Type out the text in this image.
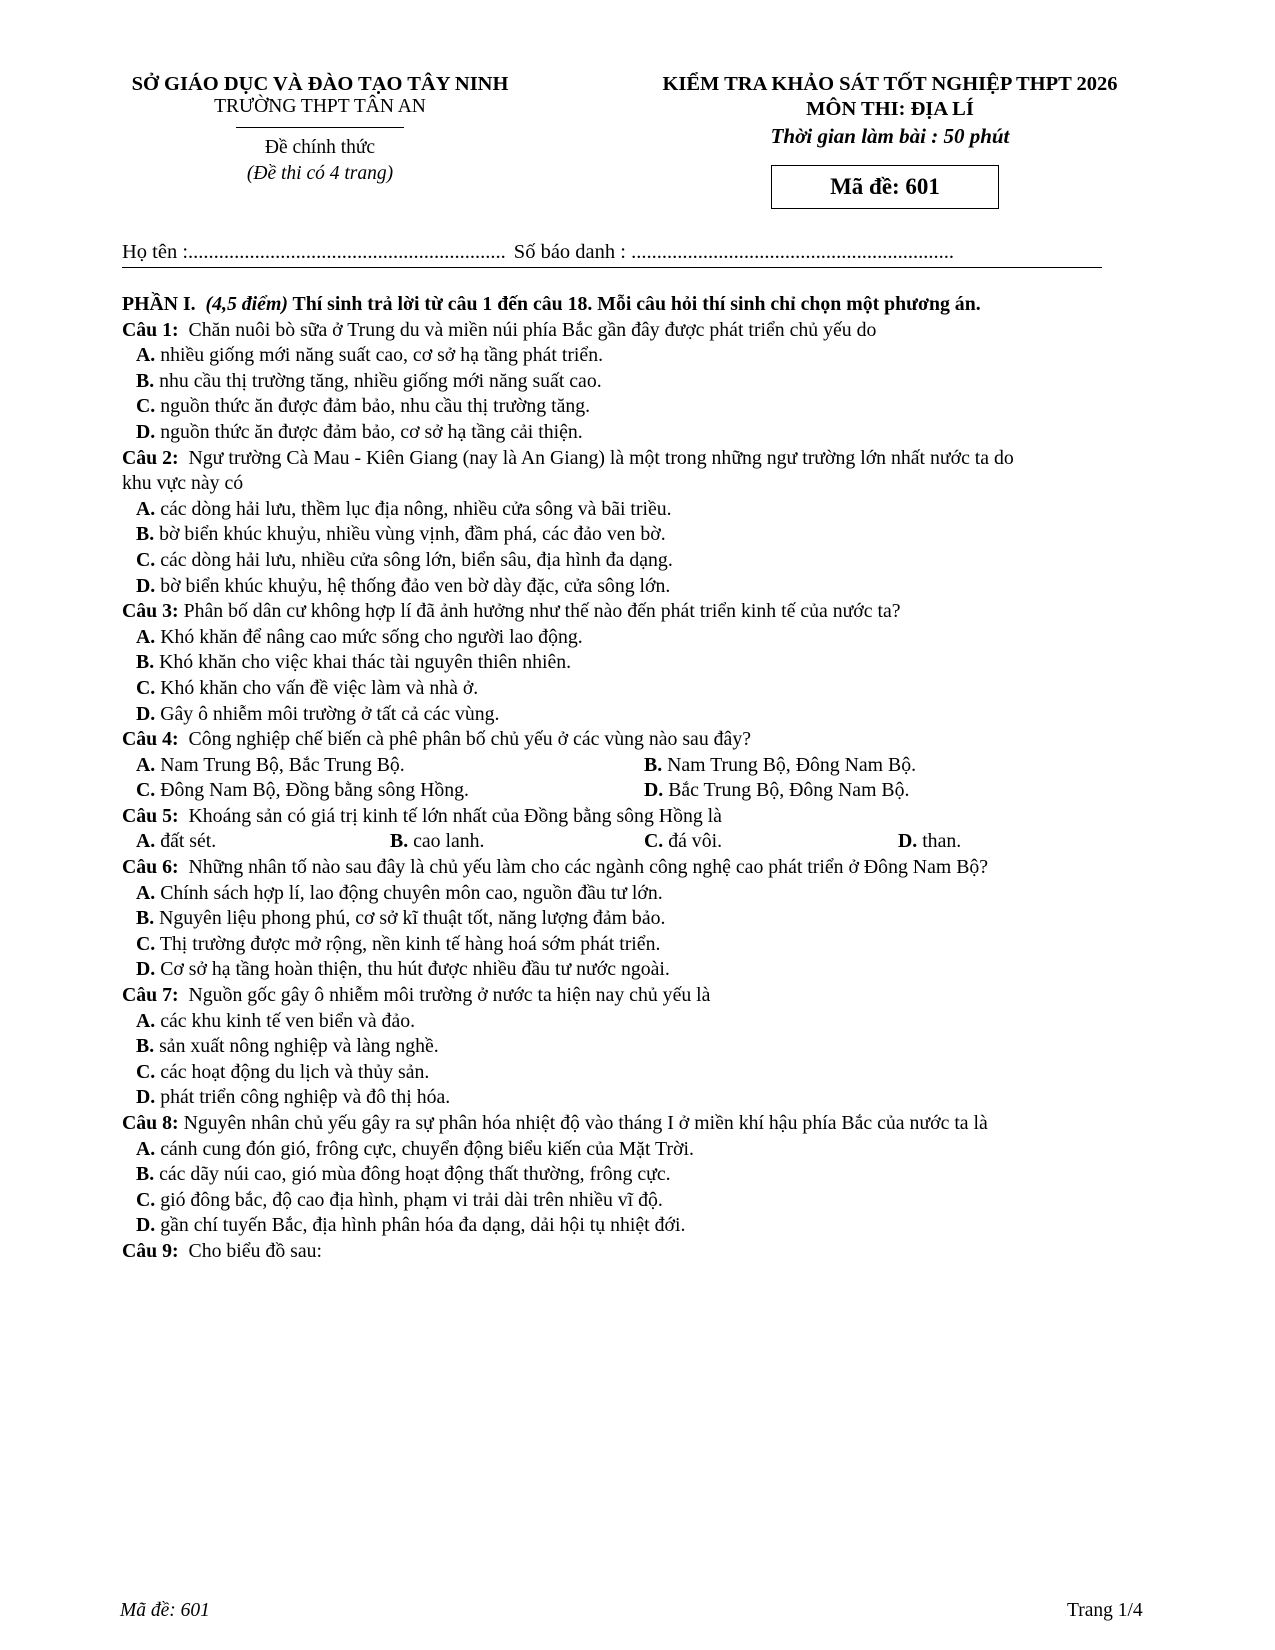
SỞ GIÁO DỤC VÀ ĐÀO TẠO TÂY NINH
TRƯỜNG THPT TÂN AN
Đề chính thức
(Đề thi có 4 trang)
KIỂM TRA KHẢO SÁT TỐT NGHIỆP THPT 2026
MÔN THI: ĐỊA LÍ
Thời gian làm bài : 50 phút
Mã đề: 601
Họ tên :.............................................................. Số báo danh : ...............................................................
PHẦN I. (4,5 điểm) Thí sinh trả lời từ câu 1 đến câu 18. Mỗi câu hỏi thí sinh chỉ chọn một phương án.
Câu 1: Chăn nuôi bò sữa ở Trung du và miền núi phía Bắc gần đây được phát triển chủ yếu do
A. nhiều giống mới năng suất cao, cơ sở hạ tầng phát triển.
B. nhu cầu thị trường tăng, nhiều giống mới năng suất cao.
C. nguồn thức ăn được đảm bảo, nhu cầu thị trường tăng.
D. nguồn thức ăn được đảm bảo, cơ sở hạ tầng cải thiện.
Câu 2: Ngư trường Cà Mau - Kiên Giang (nay là An Giang) là một trong những ngư trường lớn nhất nước ta do
khu vực này có
A. các dòng hải lưu, thềm lục địa nông, nhiều cửa sông và bãi triều.
B. bờ biển khúc khuỷu, nhiều vùng vịnh, đầm phá, các đảo ven bờ.
C. các dòng hải lưu, nhiều cửa sông lớn, biển sâu, địa hình đa dạng.
D. bờ biển khúc khuỷu, hệ thống đảo ven bờ dày đặc, cửa sông lớn.
Câu 3: Phân bố dân cư không hợp lí đã ảnh hưởng như thế nào đến phát triển kinh tế của nước ta?
A. Khó khăn để nâng cao mức sống cho người lao động.
B. Khó khăn cho việc khai thác tài nguyên thiên nhiên.
C. Khó khăn cho vấn đề việc làm và nhà ở.
D. Gây ô nhiễm môi trường ở tất cả các vùng.
Câu 4: Công nghiệp chế biến cà phê phân bố chủ yếu ở các vùng nào sau đây?
A. Nam Trung Bộ, Bắc Trung Bộ.	B. Nam Trung Bộ, Đông Nam Bộ.
C. Đông Nam Bộ, Đồng bằng sông Hồng.	D. Bắc Trung Bộ, Đông Nam Bộ.
Câu 5: Khoáng sản có giá trị kinh tế lớn nhất của Đồng bằng sông Hồng là
A. đất sét.	B. cao lanh.	C. đá vôi.	D. than.
Câu 6: Những nhân tố nào sau đây là chủ yếu làm cho các ngành công nghệ cao phát triển ở Đông Nam Bộ?
A. Chính sách hợp lí, lao động chuyên môn cao, nguồn đầu tư lớn.
B. Nguyên liệu phong phú, cơ sở kĩ thuật tốt, năng lượng đảm bảo.
C. Thị trường được mở rộng, nền kinh tế hàng hoá sớm phát triển.
D. Cơ sở hạ tầng hoàn thiện, thu hút được nhiều đầu tư nước ngoài.
Câu 7: Nguồn gốc gây ô nhiễm môi trường ở nước ta hiện nay chủ yếu là
A. các khu kinh tế ven biển và đảo.
B. sản xuất nông nghiệp và làng nghề.
C. các hoạt động du lịch và thủy sản.
D. phát triển công nghiệp và đô thị hóa.
Câu 8: Nguyên nhân chủ yếu gây ra sự phân hóa nhiệt độ vào tháng I ở miền khí hậu phía Bắc của nước ta là
A. cánh cung đón gió, frông cực, chuyển động biểu kiến của Mặt Trời.
B. các dãy núi cao, gió mùa đông hoạt động thất thường, frông cực.
C. gió đông bắc, độ cao địa hình, phạm vi trải dài trên nhiều vĩ độ.
D. gần chí tuyến Bắc, địa hình phân hóa đa dạng, dải hội tụ nhiệt đới.
Câu 9: Cho biểu đồ sau:
Mã đề: 601	Trang 1/4
